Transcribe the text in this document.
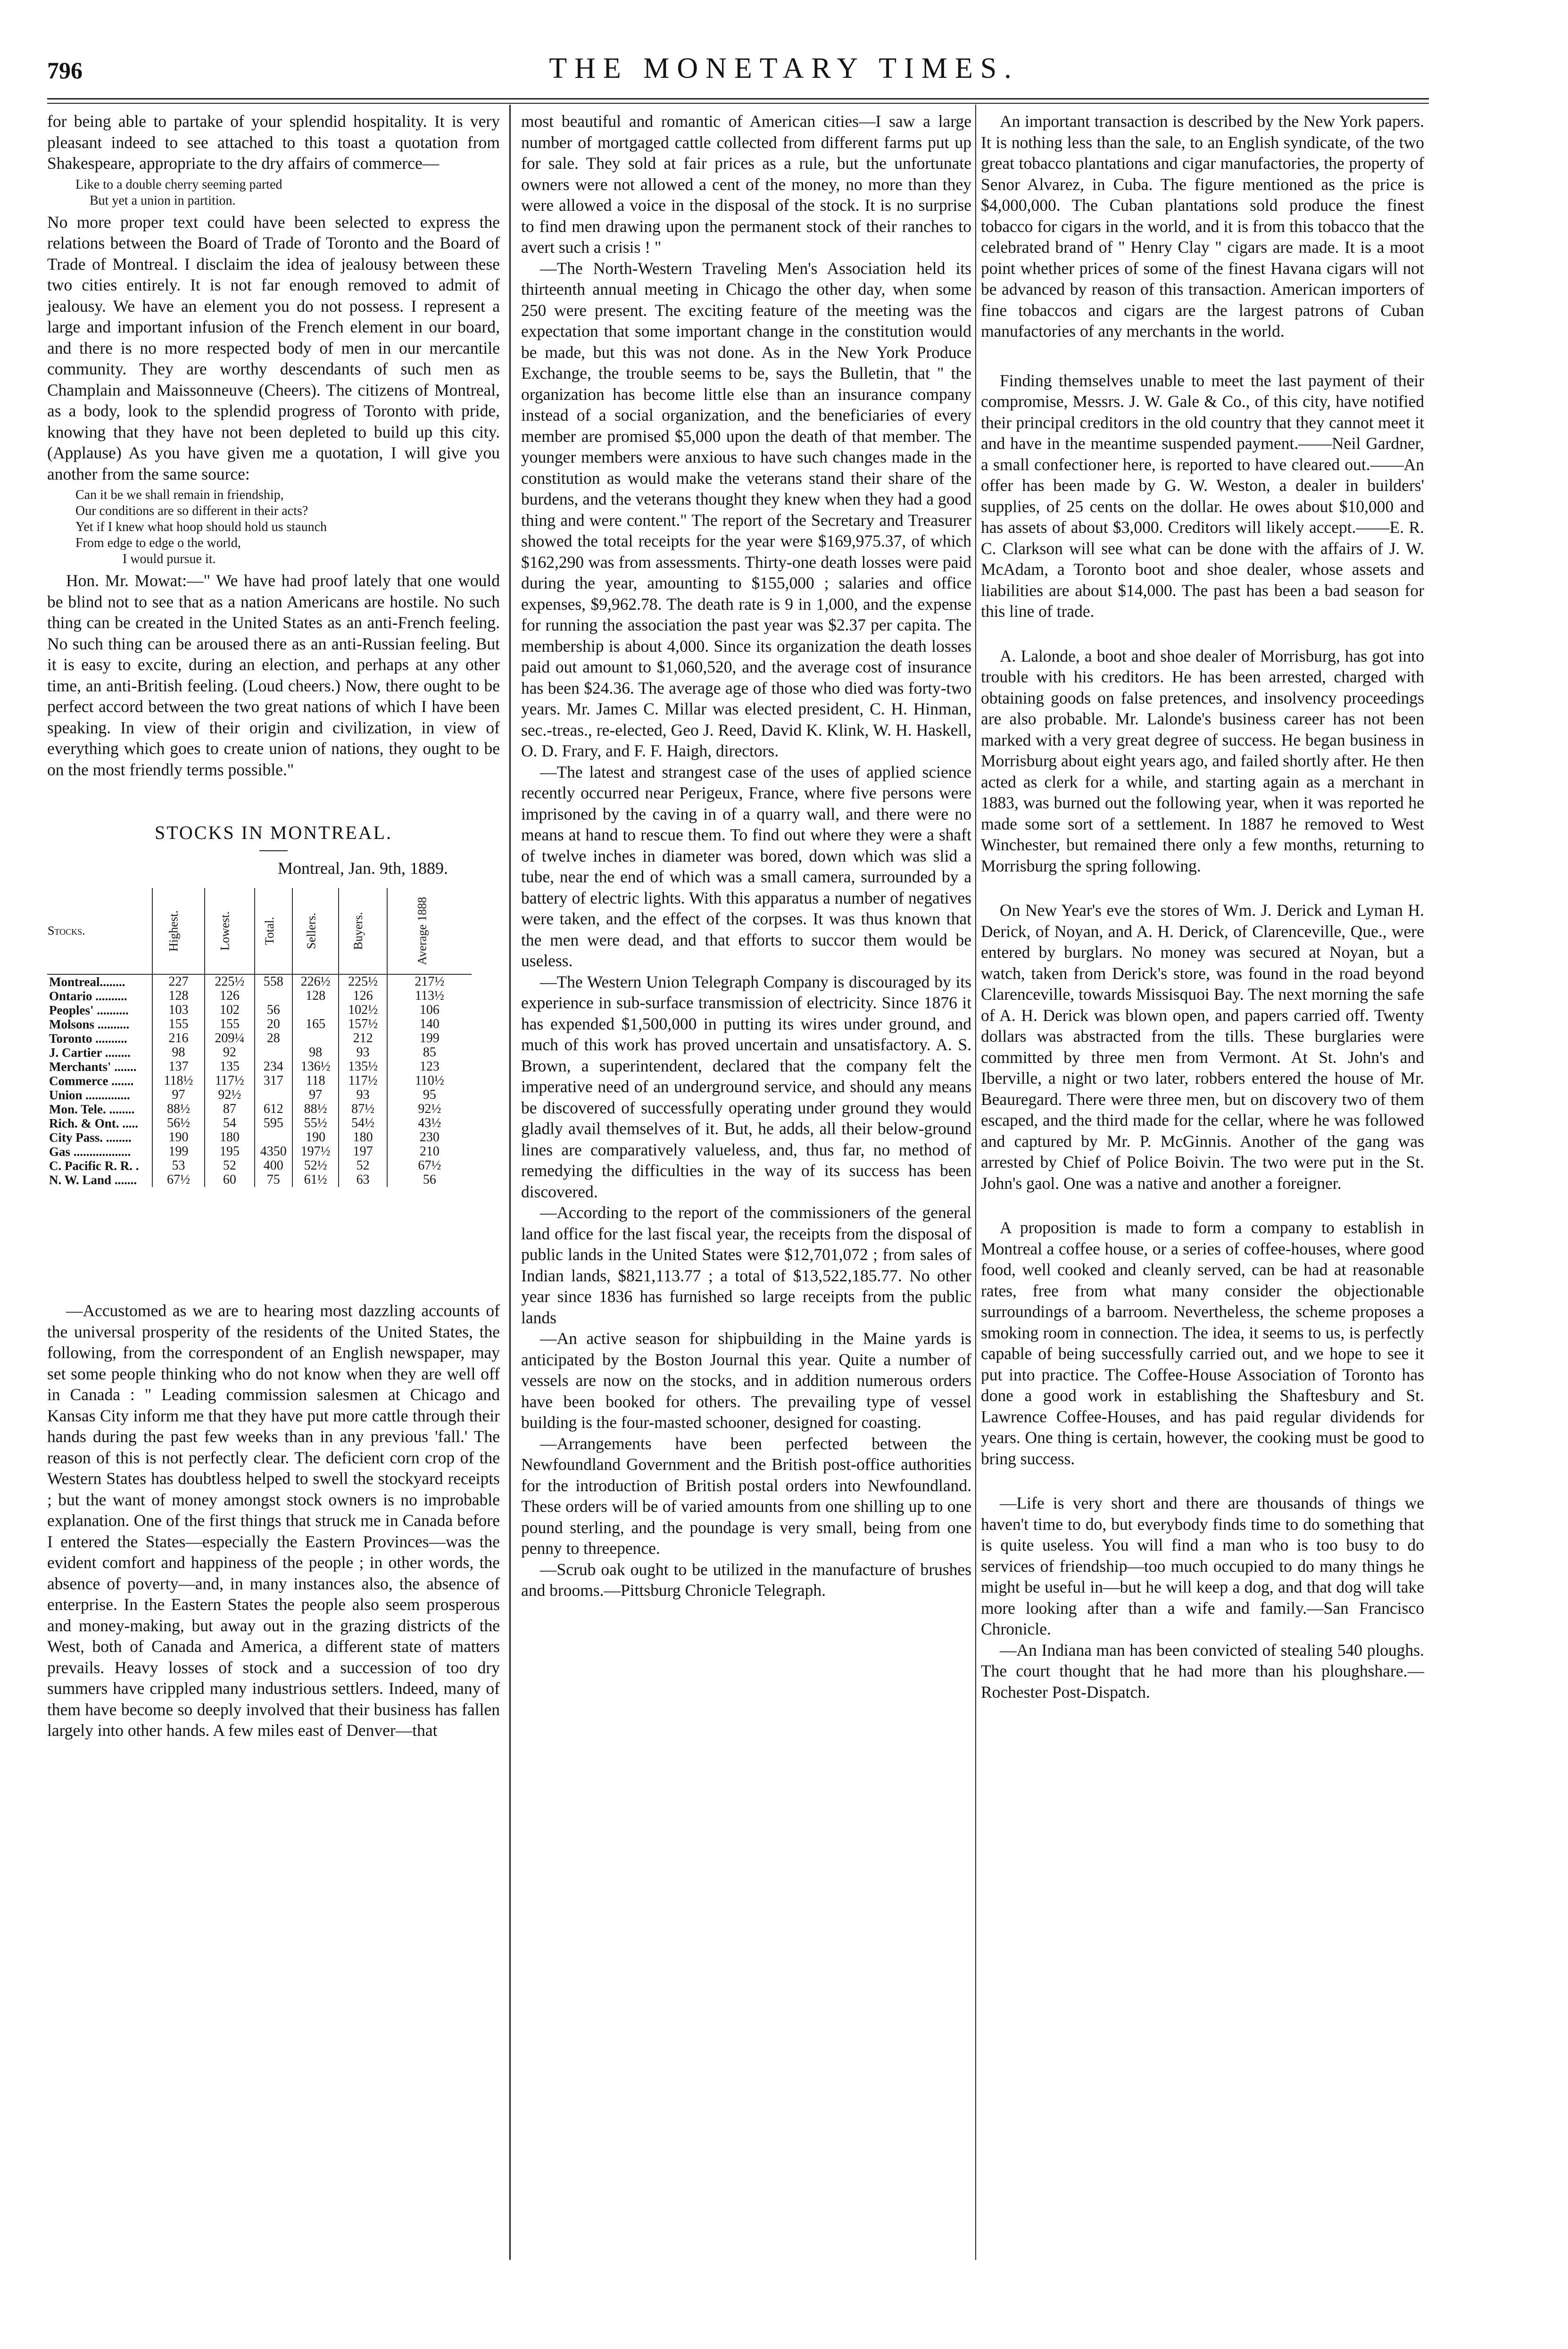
796	THE MONETARY TIMES.

for being able to partake of your splendid hospitality. It is very pleasant indeed to see attached to this toast a quotation from Shakespeare, appropriate to the dry affairs of commerce—

Like to a double cherry seeming parted
But yet a union in partition.

No more proper text could have been selected to express the relations between the Board of Trade of Toronto and the Board of Trade of Montreal. I disclaim the idea of jealousy between these two cities entirely. It is not far enough removed to admit of jealousy. We have an element you do not possess. I represent a large and important infusion of the French element in our board, and there is no more respected body of men in our mercantile community. They are worthy descendants of such men as Champlain and Maissonneuve (Cheers). The citizens of Montreal, as a body, look to the splendid progress of Toronto with pride, knowing that they have not been depleted to build up this city. (Applause) As you have given me a quotation, I will give you another from the same source:

Can it be we shall remain in friendship,
Our conditions are so different in their acts?
Yet if I knew what hoop should hold us staunch
From edge to edge o the world,
I would pursue it.

Hon. Mr. Mowat:—" We have had proof lately that one would be blind not to see that as a nation Americans are hostile. No such thing can be created in the United States as an anti-French feeling. No such thing can be aroused there as an anti-Russian feeling. But it is easy to excite, during an election, and perhaps at any other time, an anti-British feeling. (Loud cheers.) Now, there ought to be perfect accord between the two great nations of which I have been speaking. In view of their origin and civilization, in view of everything which goes to create union of nations, they ought to be on the most friendly terms possible."

STOCKS IN MONTREAL.
Montreal, Jan. 9th, 1889.
Stocks.	Highest.	Lowest.	Total.	Sellers.	Buyers.	Average 1888
Montreal........	227	225½	558	226½	225½	217½
Ontario ..........	128	126		128	126	113½
Peoples' ..........	103	102	56		102½	106
Molsons ..........	155	155	20	165	157½	140
Toronto ..........	216	209¼	28		212	199
J. Cartier ........	98	92		98	93	85
Merchants' .......	137	135	234	136½	135½	123
Commerce .......	118½	117½	317	118	117½	110½
Union ..............	97	92½		97	93	95
Mon. Tele. ........	88½	87	612	88½	87½	92½
Rich. & Ont. .....	56½	54	595	55½	54½	43½
City Pass. ........	190	180		190	180	230
Gas ..................	199	195	4350	197½	197	210
C. Pacific R. R. .	53	52	400	52½	52	67½
N. W. Land .......	67½	60	75	61½	63	56

—Accustomed as we are to hearing most dazzling accounts of the universal prosperity of the residents of the United States, the following, from the correspondent of an English newspaper, may set some people thinking who do not know when they are well off in Canada : " Leading commission salesmen at Chicago and Kansas City inform me that they have put more cattle through their hands during the past few weeks than in any previous 'fall.' The reason of this is not perfectly clear. The deficient corn crop of the Western States has doubtless helped to swell the stockyard receipts ; but the want of money amongst stock owners is no improbable explanation. One of the first things that struck me in Canada before I entered the States—especially the Eastern Provinces—was the evident comfort and happiness of the people ; in other words, the absence of poverty—and, in many instances also, the absence of enterprise. In the Eastern States the people also seem prosperous and money-making, but away out in the grazing districts of the West, both of Canada and America, a different state of matters prevails. Heavy losses of stock and a succession of too dry summers have crippled many industrious settlers. Indeed, many of them have become so deeply involved that their business has fallen largely into other hands. A few miles east of Denver—that

most beautiful and romantic of American cities—I saw a large number of mortgaged cattle collected from different farms put up for sale. They sold at fair prices as a rule, but the unfortunate owners were not allowed a cent of the money, no more than they were allowed a voice in the disposal of the stock. It is no surprise to find men drawing upon the permanent stock of their ranches to avert such a crisis ! "

—The North-Western Traveling Men's Association held its thirteenth annual meeting in Chicago the other day, when some 250 were present. The exciting feature of the meeting was the expectation that some important change in the constitution would be made, but this was not done. As in the New York Produce Exchange, the trouble seems to be, says the Bulletin, that " the organization has become little else than an insurance company instead of a social organization, and the beneficiaries of every member are promised $5,000 upon the death of that member. The younger members were anxious to have such changes made in the constitution as would make the veterans stand their share of the burdens, and the veterans thought they knew when they had a good thing and were content." The report of the Secretary and Treasurer showed the total receipts for the year were $169,975.37, of which $162,290 was from assessments. Thirty-one death losses were paid during the year, amounting to $155,000 ; salaries and office expenses, $9,962.78. The death rate is 9 in 1,000, and the expense for running the association the past year was $2.37 per capita. The membership is about 4,000. Since its organization the death losses paid out amount to $1,060,520, and the average cost of insurance has been $24.36. The average age of those who died was forty-two years. Mr. James C. Millar was elected president, C. H. Hinman, sec.-treas., re-elected, Geo J. Reed, David K. Klink, W. H. Haskell, O. D. Frary, and F. F. Haigh, directors.

—The latest and strangest case of the uses of applied science recently occurred near Perigeux, France, where five persons were imprisoned by the caving in of a quarry wall, and there were no means at hand to rescue them. To find out where they were a shaft of twelve inches in diameter was bored, down which was slid a tube, near the end of which was a small camera, surrounded by a battery of electric lights. With this apparatus a number of negatives were taken, and the effect of the corpses. It was thus known that the men were dead, and that efforts to succor them would be useless.

—The Western Union Telegraph Company is discouraged by its experience in sub-surface transmission of electricity. Since 1876 it has expended $1,500,000 in putting its wires under ground, and much of this work has proved uncertain and unsatisfactory. A. S. Brown, a superintendent, declared that the company felt the imperative need of an underground service, and should any means be discovered of successfully operating under ground they would gladly avail themselves of it. But, he adds, all their below-ground lines are comparatively valueless, and, thus far, no method of remedying the difficulties in the way of its success has been discovered.

—According to the report of the commissioners of the general land office for the last fiscal year, the receipts from the disposal of public lands in the United States were $12,701,072 ; from sales of Indian lands, $821,113.77 ; a total of $13,522,185.77. No other year since 1836 has furnished so large receipts from the public lands

—An active season for shipbuilding in the Maine yards is anticipated by the Boston Journal this year. Quite a number of vessels are now on the stocks, and in addition numerous orders have been booked for others. The prevailing type of vessel building is the four-masted schooner, designed for coasting.

—Arrangements have been perfected between the Newfoundland Government and the British post-office authorities for the introduction of British postal orders into Newfoundland. These orders will be of varied amounts from one shilling up to one pound sterling, and the poundage is very small, being from one penny to threepence.

—Scrub oak ought to be utilized in the manufacture of brushes and brooms.—Pittsburg Chronicle Telegraph.

An important transaction is described by the New York papers. It is nothing less than the sale, to an English syndicate, of the two great tobacco plantations and cigar manufactories, the property of Senor Alvarez, in Cuba. The figure mentioned as the price is $4,000,000. The Cuban plantations sold produce the finest tobacco for cigars in the world, and it is from this tobacco that the celebrated brand of " Henry Clay " cigars are made. It is a moot point whether prices of some of the finest Havana cigars will not be advanced by reason of this transaction. American importers of fine tobaccos and cigars are the largest patrons of Cuban manufactories of any merchants in the world.

Finding themselves unable to meet the last payment of their compromise, Messrs. J. W. Gale & Co., of this city, have notified their principal creditors in the old country that they cannot meet it and have in the meantime suspended payment.——Neil Gardner, a small confectioner here, is reported to have cleared out.——An offer has been made by G. W. Weston, a dealer in builders' supplies, of 25 cents on the dollar. He owes about $10,000 and has assets of about $3,000. Creditors will likely accept.——E. R. C. Clarkson will see what can be done with the affairs of J. W. McAdam, a Toronto boot and shoe dealer, whose assets and liabilities are about $14,000. The past has been a bad season for this line of trade.

A. Lalonde, a boot and shoe dealer of Morrisburg, has got into trouble with his creditors. He has been arrested, charged with obtaining goods on false pretences, and insolvency proceedings are also probable. Mr. Lalonde's business career has not been marked with a very great degree of success. He began business in Morrisburg about eight years ago, and failed shortly after. He then acted as clerk for a while, and starting again as a merchant in 1883, was burned out the following year, when it was reported he made some sort of a settlement. In 1887 he removed to West Winchester, but remained there only a few months, returning to Morrisburg the spring following.

On New Year's eve the stores of Wm. J. Derick and Lyman H. Derick, of Noyan, and A. H. Derick, of Clarenceville, Que., were entered by burglars. No money was secured at Noyan, but a watch, taken from Derick's store, was found in the road beyond Clarenceville, towards Missisquoi Bay. The next morning the safe of A. H. Derick was blown open, and papers carried off. Twenty dollars was abstracted from the tills. These burglaries were committed by three men from Vermont. At St. John's and Iberville, a night or two later, robbers entered the house of Mr. Beauregard. There were three men, but on discovery two of them escaped, and the third made for the cellar, where he was followed and captured by Mr. P. McGinnis. Another of the gang was arrested by Chief of Police Boivin. The two were put in the St. John's gaol. One was a native and another a foreigner.

A proposition is made to form a company to establish in Montreal a coffee house, or a series of coffee-houses, where good food, well cooked and cleanly served, can be had at reasonable rates, free from what many consider the objectionable surroundings of a barroom. Nevertheless, the scheme proposes a smoking room in connection. The idea, it seems to us, is perfectly capable of being successfully carried out, and we hope to see it put into practice. The Coffee-House Association of Toronto has done a good work in establishing the Shaftesbury and St. Lawrence Coffee-Houses, and has paid regular dividends for years. One thing is certain, however, the cooking must be good to bring success.

—Life is very short and there are thousands of things we haven't time to do, but everybody finds time to do something that is quite useless. You will find a man who is too busy to do services of friendship—too much occupied to do many things he might be useful in—but he will keep a dog, and that dog will take more looking after than a wife and family.—San Francisco Chronicle.

—An Indiana man has been convicted of stealing 540 ploughs. The court thought that he had more than his ploughshare.—Rochester Post-Dispatch.
